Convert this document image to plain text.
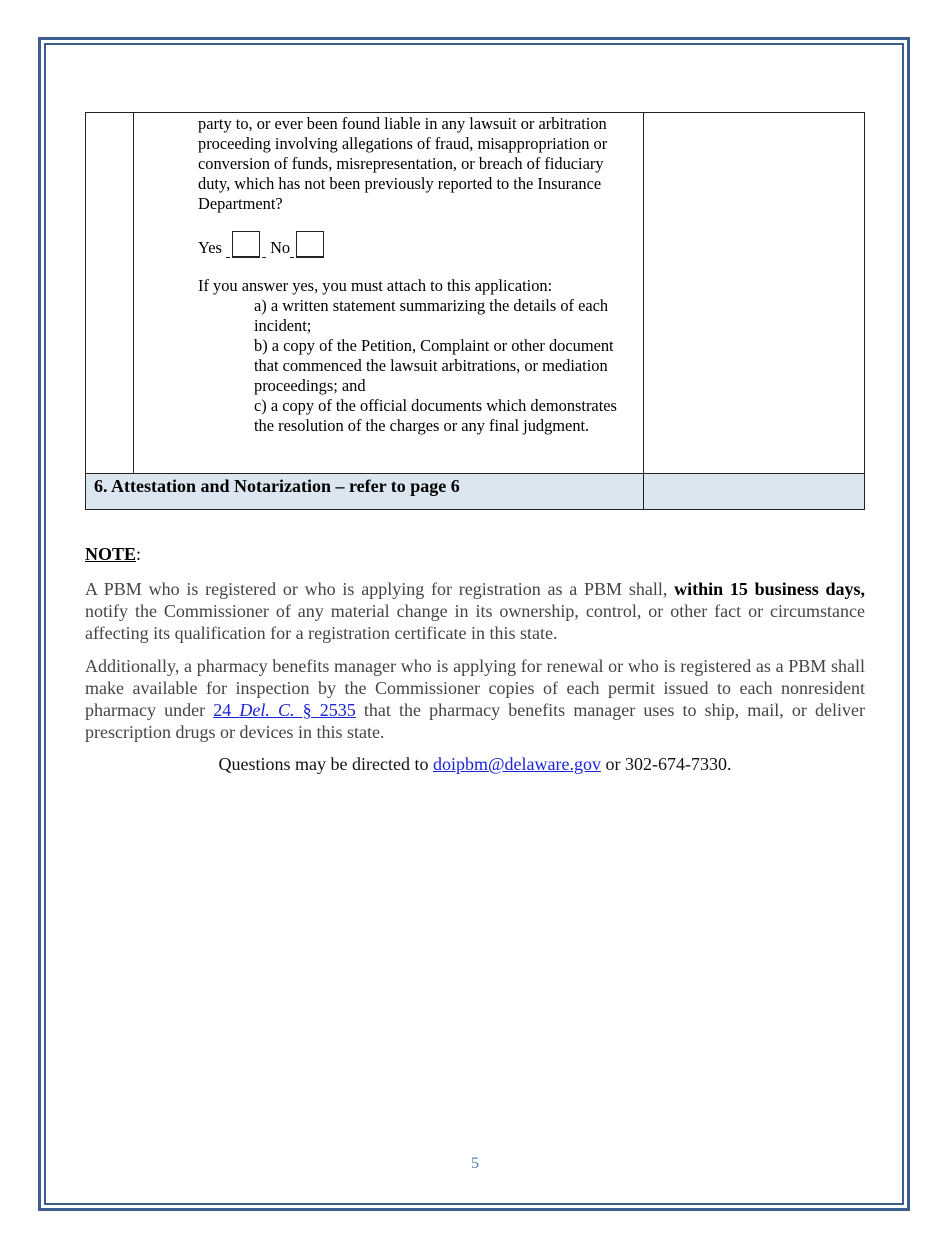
party to, or ever been found liable in any lawsuit or arbitration proceeding involving allegations of fraud, misappropriation or conversion of funds, misrepresentation, or breach of fiduciary duty, which has not been previously reported to the Insurance Department?
Yes	No
If you answer yes, you must attach to this application:
a) a written statement summarizing the details of each incident;
b) a copy of the Petition, Complaint or other document that commenced the lawsuit arbitrations, or mediation proceedings; and
c) a copy of the official documents which demonstrates the resolution of the charges or any final judgment.
6. Attestation and Notarization – refer to page 6
NOTE:
A PBM who is registered or who is applying for registration as a PBM shall, within 15 business days, notify the Commissioner of any material change in its ownership, control, or other fact or circumstance affecting its qualification for a registration certificate in this state.
Additionally, a pharmacy benefits manager who is applying for renewal or who is registered as a PBM shall make available for inspection by the Commissioner copies of each permit issued to each nonresident pharmacy under 24 Del. C. § 2535 that the pharmacy benefits manager uses to ship, mail, or deliver prescription drugs or devices in this state.
Questions may be directed to doipbm@delaware.gov or 302-674-7330.
5
